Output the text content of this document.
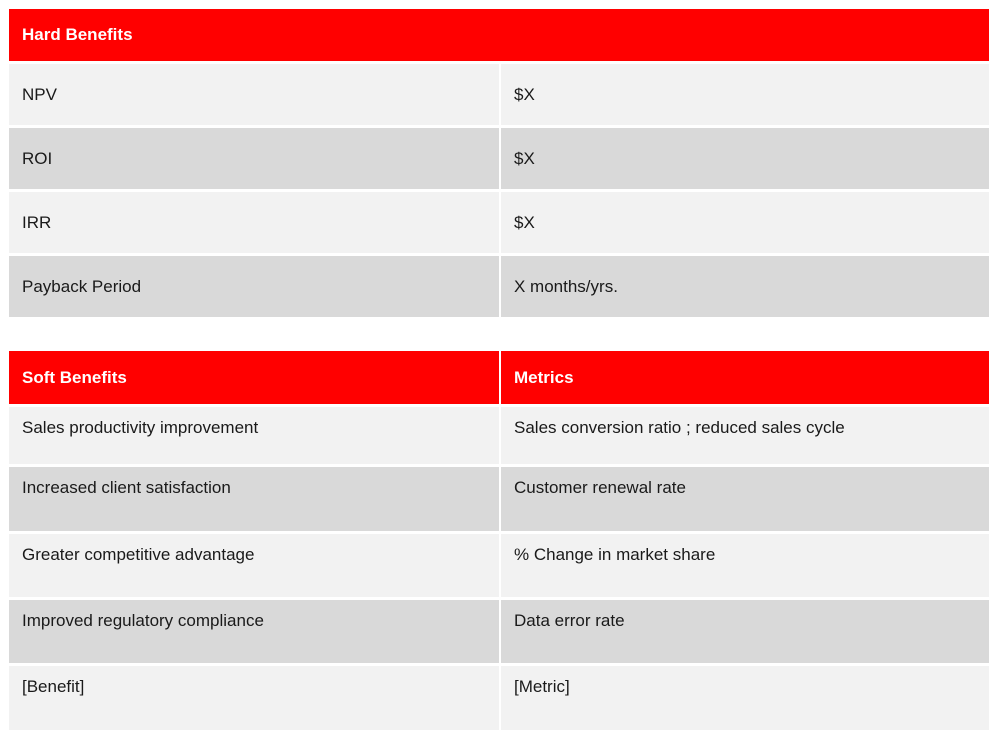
Hard Benefits
NPV	$X
ROI	$X
IRR	$X
Payback Period	X months/yrs.
Soft Benefits	Metrics
Sales productivity improvement	Sales conversion ratio ; reduced sales cycle
Increased client satisfaction	Customer renewal rate
Greater competitive advantage	% Change in market share
Improved regulatory compliance	Data error rate
[Benefit]	[Metric]
